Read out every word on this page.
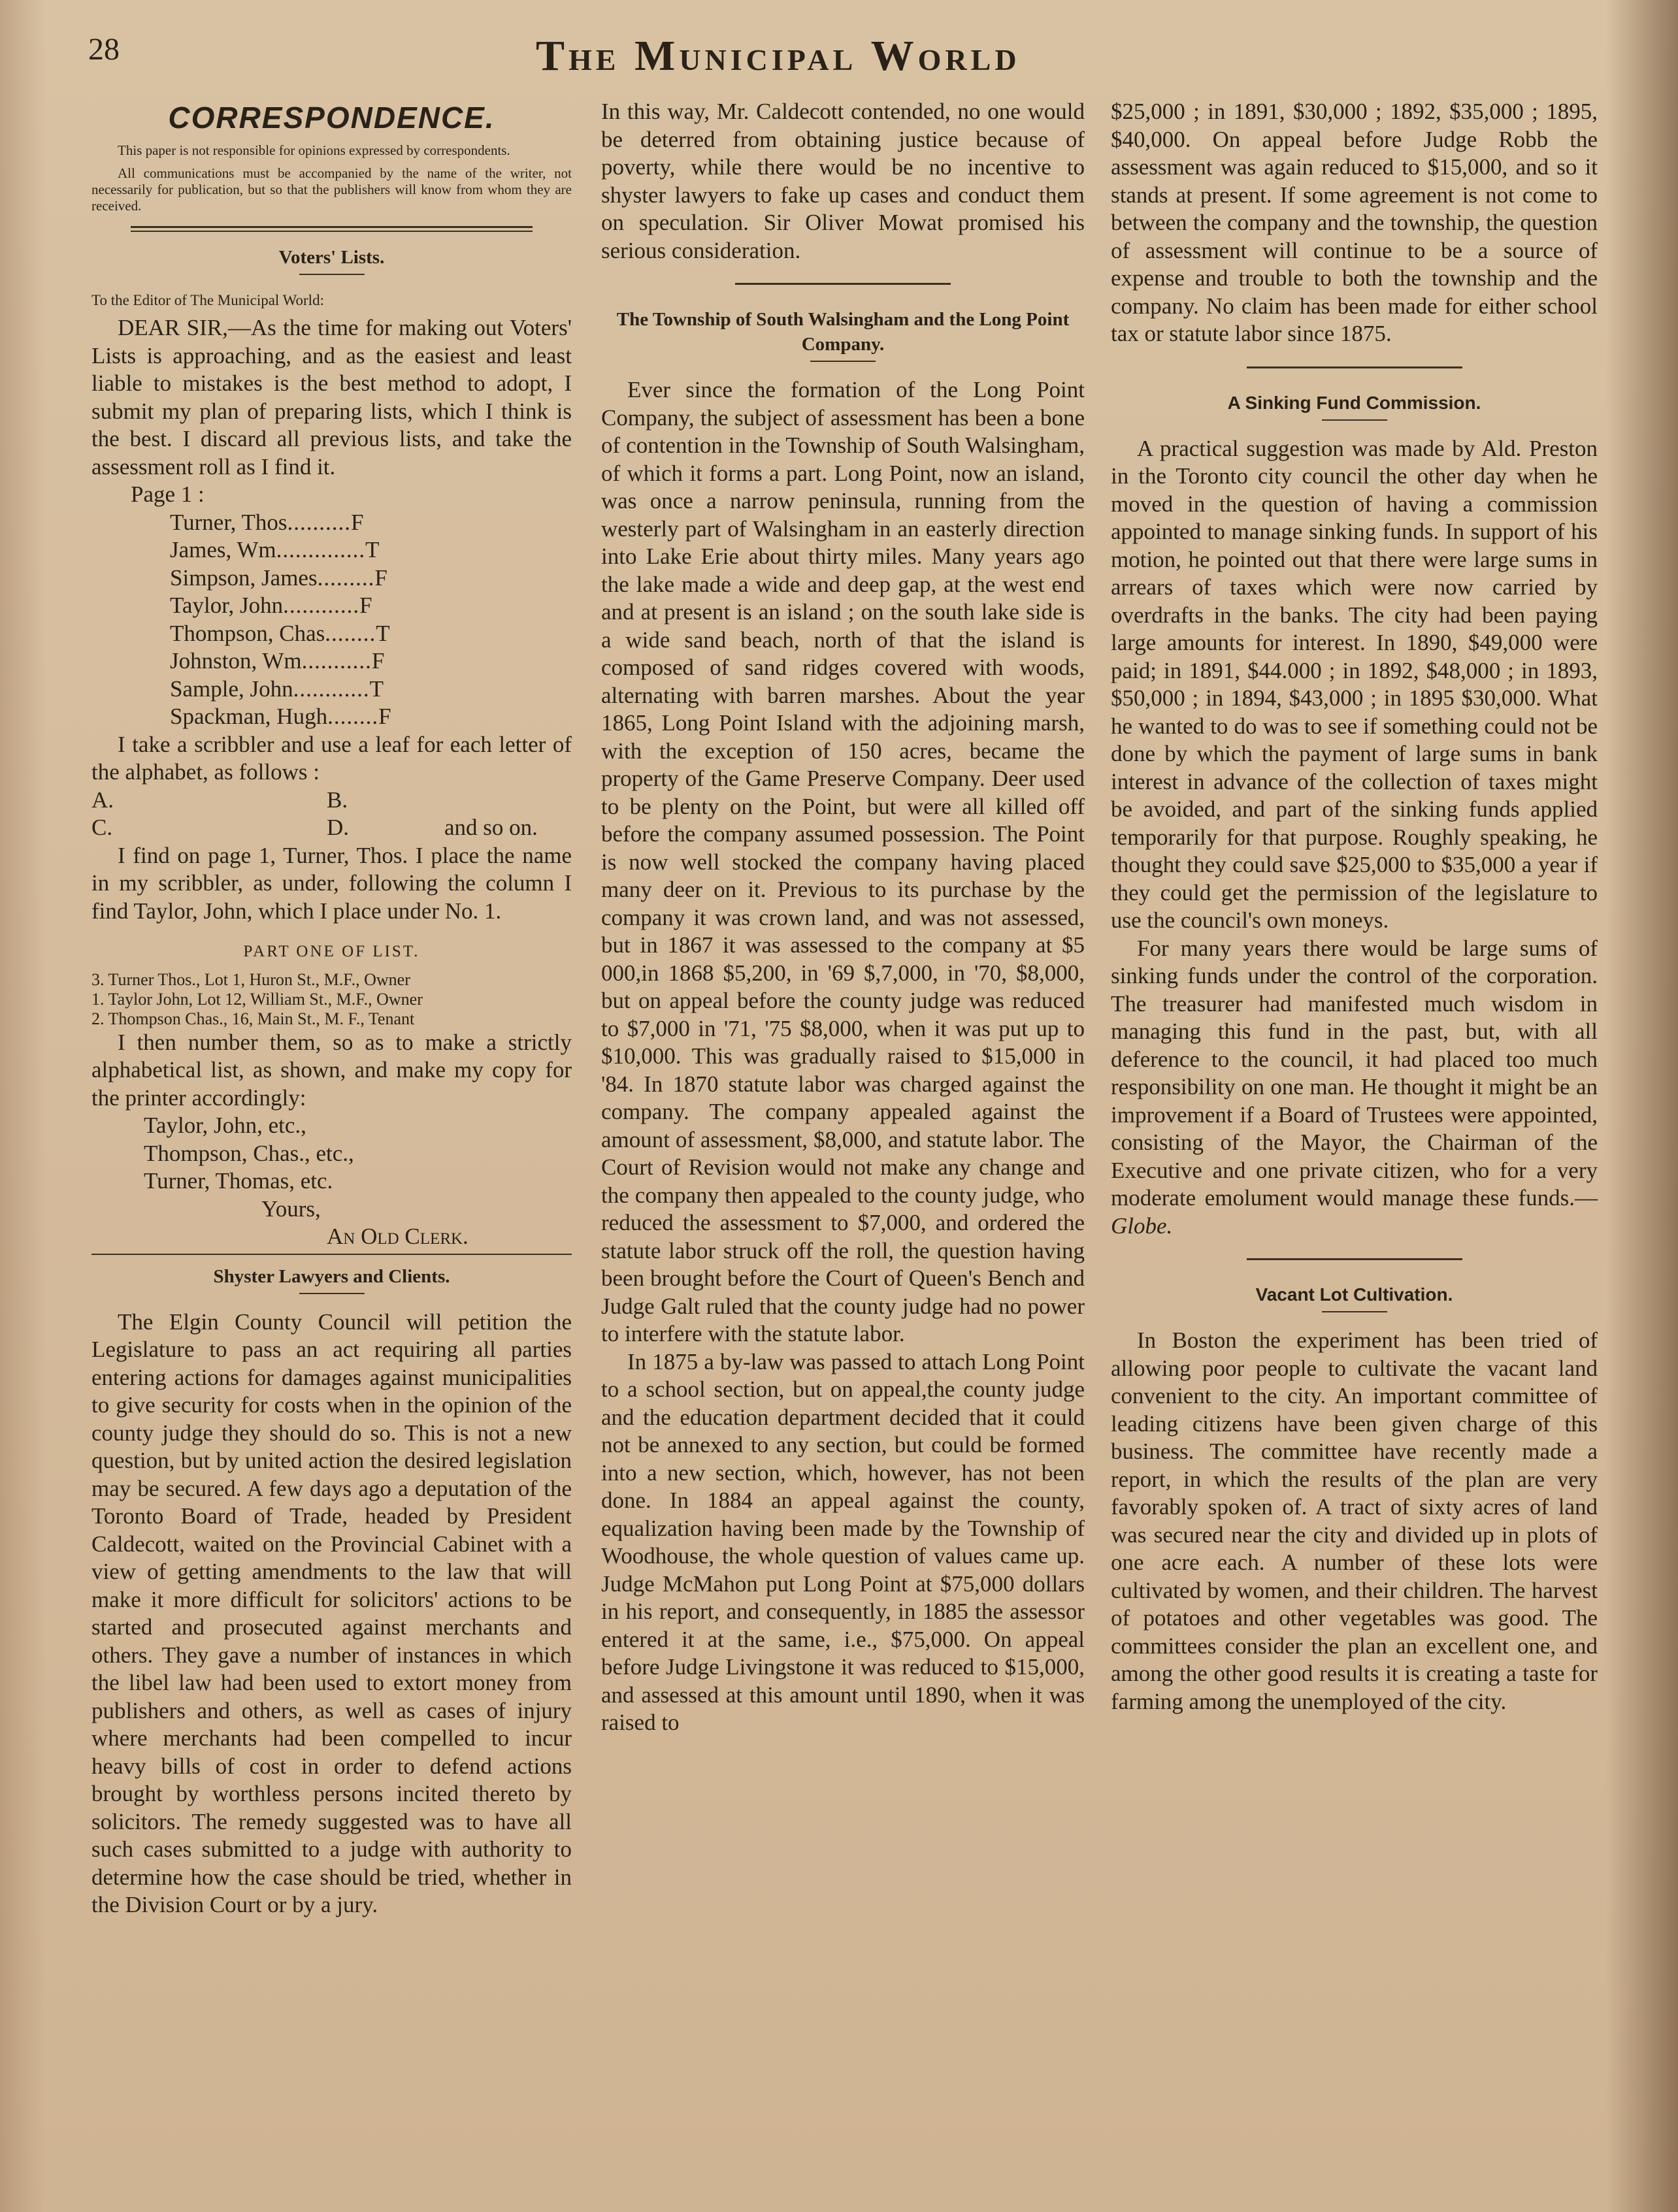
28	The Municipal World
CORRESPONDENCE.

This paper is not responsible for opinions expressed by correspondents.

All communications must be accompanied by the name of the writer, not necessarily for publication, but so that the publishers will know from whom they are received.

Voters' Lists.
To the Editor of The Municipal World:

DEAR SIR,—As the time for making out Voters' Lists is approaching, and as the easiest and least liable to mistakes is the best method to adopt, I submit my plan of preparing lists, which I think is the best. I discard all previous lists, and take the assessment roll as I find it.

Page 1 :
Turner, Thos..........F
James, Wm..............T
Simpson, James.........F
Taylor, John............F
Thompson, Chas........T
Johnston, Wm...........F
Sample, John............T
Spackman, Hugh........F

I take a scribbler and use a leaf for each letter of the alphabet, as follows :

A.	B.
C.	D.	and so on.

I find on page 1, Turner, Thos. I place the name in my scribbler, as under, following the column I find Taylor, John, which I place under No. 1.

PART ONE OF LIST.
3. Turner Thos., Lot 1, Huron St., M.F., Owner
1. Taylor John, Lot 12, William St., M.F., Owner
2. Thompson Chas., 16, Main St., M. F., Tenant

I then number them, so as to make a strictly alphabetical list, as shown, and make my copy for the printer accordingly:

Taylor, John, etc.,
Thompson, Chas., etc.,
Turner, Thomas, etc.
Yours,
An Old Clerk.
Shyster Lawyers and Clients.

The Elgin County Council will petition the Legislature to pass an act requiring all parties entering actions for damages against municipalities to give security for costs when in the opinion of the county judge they should do so. This is not a new question, but by united action the desired legislation may be secured. A few days ago a deputation of the Toronto Board of Trade, headed by President Caldecott, waited on the Provincial Cabinet with a view of getting amendments to the law that will make it more difficult for solicitors' actions to be started and prosecuted against merchants and others. They gave a number of instances in which the libel law had been used to extort money from publishers and others, as well as cases of injury where merchants had been compelled to incur heavy bills of cost in order to defend actions brought by worthless persons incited thereto by solicitors. The remedy suggested was to have all such cases submitted to a judge with authority to determine how the case should be tried, whether in the Division Court or by a jury.

In this way, Mr. Caldecott contended, no one would be deterred from obtaining justice because of poverty, while there would be no incentive to shyster lawyers to fake up cases and conduct them on speculation. Sir Oliver Mowat promised his serious consideration.

The Township of South Walsingham and the Long Point Company.

Ever since the formation of the Long Point Company, the subject of assessment has been a bone of contention in the Township of South Walsingham, of which it forms a part. Long Point, now an island, was once a narrow peninsula, running from the westerly part of Walsingham in an easterly direction into Lake Erie about thirty miles. Many years ago the lake made a wide and deep gap, at the west end and at present is an island ; on the south lake side is a wide sand beach, north of that the island is composed of sand ridges covered with woods, alternating with barren marshes. About the year 1865, Long Point Island with the adjoining marsh, with the exception of 150 acres, became the property of the Game Preserve Company. Deer used to be plenty on the Point, but were all killed off before the company assumed possession. The Point is now well stocked the company having placed many deer on it. Previous to its purchase by the company it was crown land, and was not assessed, but in 1867 it was assessed to the company at $5 000,in 1868 $5,200, in '69 $,7,000, in '70, $8,000, but on appeal before the county judge was reduced to $7,000 in '71, '75 $8,000, when it was put up to $10,000. This was gradually raised to $15,000 in '84. In 1870 statute labor was charged against the company. The company appealed against the amount of assessment, $8,000, and statute labor. The Court of Revision would not make any change and the company then appealed to the county judge, who reduced the assessment to $7,000, and ordered the statute labor struck off the roll, the question having been brought before the Court of Queen's Bench and Judge Galt ruled that the county judge had no power to interfere with the statute labor.

In 1875 a by-law was passed to attach Long Point to a school section, but on appeal,the county judge and the education department decided that it could not be annexed to any section, but could be formed into a new section, which, however, has not been done. In 1884 an appeal against the county, equalization having been made by the Township of Woodhouse, the whole question of values came up. Judge McMahon put Long Point at $75,000 dollars in his report, and consequently, in 1885 the assessor entered it at the same, i.e., $75,000. On appeal before Judge Livingstone it was reduced to $15,000, and assessed at this amount until 1890, when it was raised to

$25,000 ; in 1891, $30,000 ; 1892, $35,000 ; 1895, $40,000. On appeal before Judge Robb the assessment was again reduced to $15,000, and so it stands at present. If some agreement is not come to between the company and the township, the question of assessment will continue to be a source of expense and trouble to both the township and the company. No claim has been made for either school tax or statute labor since 1875.

A Sinking Fund Commission.

A practical suggestion was made by Ald. Preston in the Toronto city council the other day when he moved in the question of having a commission appointed to manage sinking funds. In support of his motion, he pointed out that there were large sums in arrears of taxes which were now carried by overdrafts in the banks. The city had been paying large amounts for interest. In 1890, $49,000 were paid; in 1891, $44.000 ; in 1892, $48,000 ; in 1893, $50,000 ; in 1894, $43,000 ; in 1895 $30,000. What he wanted to do was to see if something could not be done by which the payment of large sums in bank interest in advance of the collection of taxes might be avoided, and part of the sinking funds applied temporarily for that purpose. Roughly speaking, he thought they could save $25,000 to $35,000 a year if they could get the permission of the legislature to use the council's own moneys.

For many years there would be large sums of sinking funds under the control of the corporation. The treasurer had manifested much wisdom in managing this fund in the past, but, with all deference to the council, it had placed too much responsibility on one man. He thought it might be an improvement if a Board of Trustees were appointed, consisting of the Mayor, the Chairman of the Executive and one private citizen, who for a very moderate emolument would manage these funds.—Globe.

Vacant Lot Cultivation.

In Boston the experiment has been tried of allowing poor people to cultivate the vacant land convenient to the city. An important committee of leading citizens have been given charge of this business. The committee have recently made a report, in which the results of the plan are very favorably spoken of. A tract of sixty acres of land was secured near the city and divided up in plots of one acre each. A number of these lots were cultivated by women, and their children. The harvest of potatoes and other vegetables was good. The committees consider the plan an excellent one, and among the other good results it is creating a taste for farming among the unemployed of the city.
